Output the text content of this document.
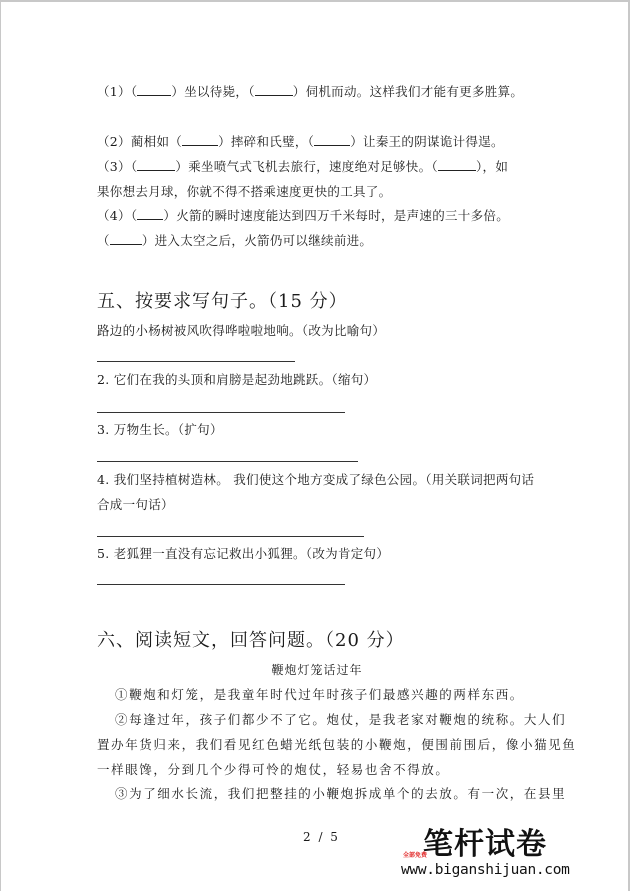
（1）（	）坐以待毙，（	）伺机而动。这样我们才能有更多胜算。
（2）蔺相如（	）摔碎和氏璧，（	）让秦王的阴谋诡计得逞。
（3）（	）乘坐喷气式飞机去旅行，速度绝对足够快。（	），如
果你想去月球，你就不得不搭乘速度更快的工具了。
（4）（ ）火箭的瞬时速度能达到四万千米每时，是声速的三十多倍。
（	）进入太空之后，火箭仍可以继续前进。
五、按要求写句子。（15 分）
路边的小杨树被风吹得哗啦啦地响。（改为比喻句）
2. 它们在我的头顶和肩膀是起劲地跳跃。（缩句）
3. 万物生长。（扩句）
4. 我们坚持植树造林。 我们使这个地方变成了绿色公园。（用关联词把两句话
合成一句话）
5. 老狐狸一直没有忘记救出小狐狸。（改为肯定句）
六、阅读短文，回答问题。（20 分）
鞭炮灯笼话过年
①鞭炮和灯笼，是我童年时代过年时孩子们最感兴趣的两样东西。
②每逢过年，孩子们都少不了它。炮仗，是我老家对鞭炮的统称。大人们
置办年货归来，我们看见红色蜡光纸包装的小鞭炮，便围前围后，像小猫见鱼
一样眼馋，分到几个少得可怜的炮仗，轻易也舍不得放。
③为了细水长流，我们把整挂的小鞭炮拆成单个的去放。有一次，在县里
2 / 5	笔杆试卷
全部免费
www.biganshijuan.com
